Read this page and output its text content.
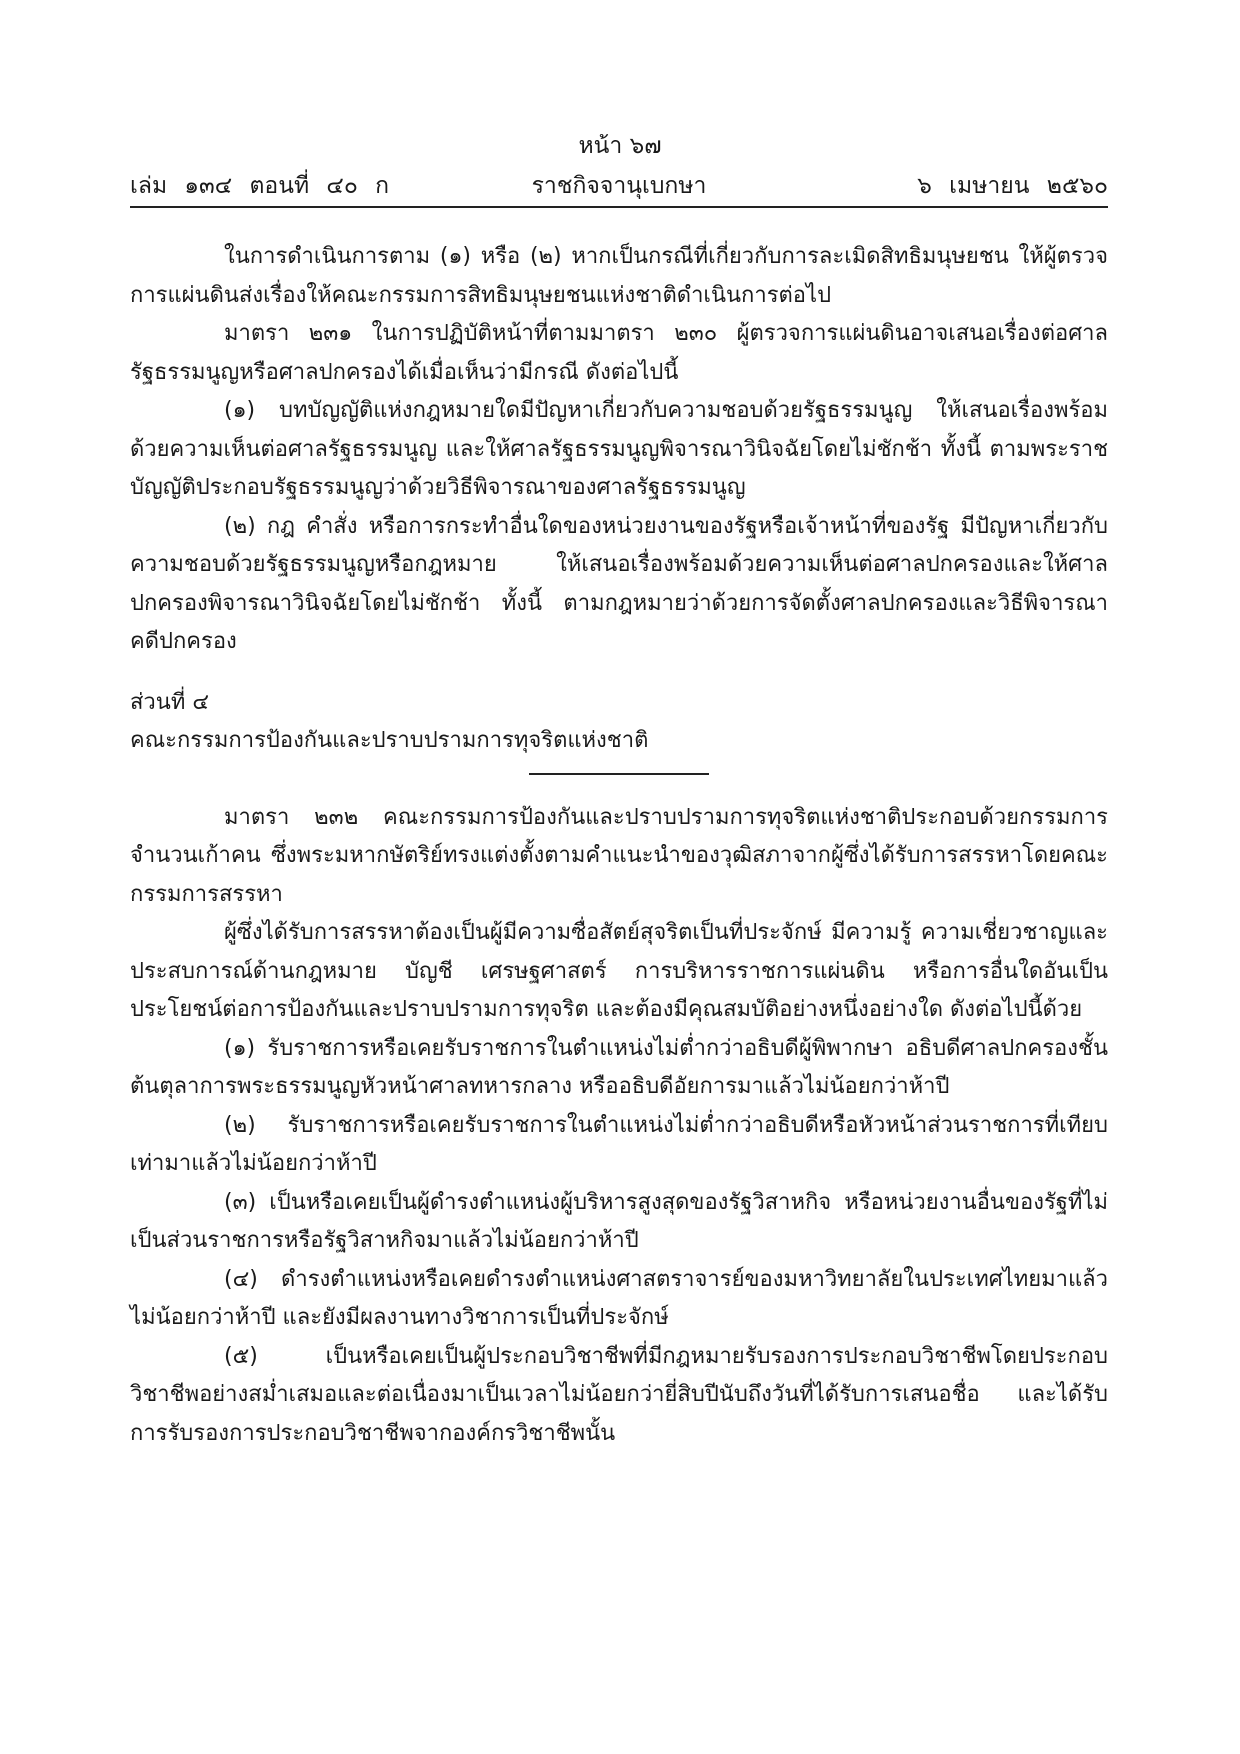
หน้า ๖๗
เล่ม ๑๓๔ ตอนที่ ๔๐ ก	ราชกิจจานุเบกษา	๖ เมษายน ๒๕๖๐

ในการดำเนินการตาม (๑) หรือ (๒) หากเป็นกรณีที่เกี่ยวกับการละเมิดสิทธิมนุษยชน ให้ผู้ตรวจการแผ่นดินส่งเรื่องให้คณะกรรมการสิทธิมนุษยชนแห่งชาติดำเนินการต่อไป

มาตรา ๒๓๑ ในการปฏิบัติหน้าที่ตามมาตรา ๒๓๐ ผู้ตรวจการแผ่นดินอาจเสนอเรื่องต่อศาลรัฐธรรมนูญหรือศาลปกครองได้เมื่อเห็นว่ามีกรณี ดังต่อไปนี้

(๑) บทบัญญัติแห่งกฎหมายใดมีปัญหาเกี่ยวกับความชอบด้วยรัฐธรรมนูญ ให้เสนอเรื่องพร้อมด้วยความเห็นต่อศาลรัฐธรรมนูญ และให้ศาลรัฐธรรมนูญพิจารณาวินิจฉัยโดยไม่ชักช้า ทั้งนี้ ตามพระราชบัญญัติประกอบรัฐธรรมนูญว่าด้วยวิธีพิจารณาของศาลรัฐธรรมนูญ

(๒) กฎ คำสั่ง หรือการกระทำอื่นใดของหน่วยงานของรัฐหรือเจ้าหน้าที่ของรัฐ มีปัญหาเกี่ยวกับความชอบด้วยรัฐธรรมนูญหรือกฎหมาย ให้เสนอเรื่องพร้อมด้วยความเห็นต่อศาลปกครองและให้ศาลปกครองพิจารณาวินิจฉัยโดยไม่ชักช้า ทั้งนี้ ตามกฎหมายว่าด้วยการจัดตั้งศาลปกครองและวิธีพิจารณาคดีปกครอง

ส่วนที่ ๔

คณะกรรมการป้องกันและปราบปรามการทุจริตแห่งชาติ

มาตรา ๒๓๒ คณะกรรมการป้องกันและปราบปรามการทุจริตแห่งชาติประกอบด้วยกรรมการจำนวนเก้าคน ซึ่งพระมหากษัตริย์ทรงแต่งตั้งตามคำแนะนำของวุฒิสภาจากผู้ซึ่งได้รับการสรรหาโดยคณะกรรมการสรรหา

ผู้ซึ่งได้รับการสรรหาต้องเป็นผู้มีความซื่อสัตย์สุจริตเป็นที่ประจักษ์ มีความรู้ ความเชี่ยวชาญและประสบการณ์ด้านกฎหมาย บัญชี เศรษฐศาสตร์ การบริหารราชการแผ่นดิน หรือการอื่นใดอันเป็นประโยชน์ต่อการป้องกันและปราบปรามการทุจริต และต้องมีคุณสมบัติอย่างหนึ่งอย่างใด ดังต่อไปนี้ด้วย

(๑) รับราชการหรือเคยรับราชการในตำแหน่งไม่ต่ำกว่าอธิบดีผู้พิพากษา อธิบดีศาลปกครองชั้นต้นตุลาการพระธรรมนูญหัวหน้าศาลทหารกลาง หรืออธิบดีอัยการมาแล้วไม่น้อยกว่าห้าปี

(๒) รับราชการหรือเคยรับราชการในตำแหน่งไม่ต่ำกว่าอธิบดีหรือหัวหน้าส่วนราชการที่เทียบเท่ามาแล้วไม่น้อยกว่าห้าปี

(๓) เป็นหรือเคยเป็นผู้ดำรงตำแหน่งผู้บริหารสูงสุดของรัฐวิสาหกิจ หรือหน่วยงานอื่นของรัฐที่ไม่เป็นส่วนราชการหรือรัฐวิสาหกิจมาแล้วไม่น้อยกว่าห้าปี

(๔) ดำรงตำแหน่งหรือเคยดำรงตำแหน่งศาสตราจารย์ของมหาวิทยาลัยในประเทศไทยมาแล้วไม่น้อยกว่าห้าปี และยังมีผลงานทางวิชาการเป็นที่ประจักษ์

(๕) เป็นหรือเคยเป็นผู้ประกอบวิชาชีพที่มีกฎหมายรับรองการประกอบวิชาชีพโดยประกอบวิชาชีพอย่างสม่ำเสมอและต่อเนื่องมาเป็นเวลาไม่น้อยกว่ายี่สิบปีนับถึงวันที่ได้รับการเสนอชื่อ และได้รับการรับรองการประกอบวิชาชีพจากองค์กรวิชาชีพนั้น
